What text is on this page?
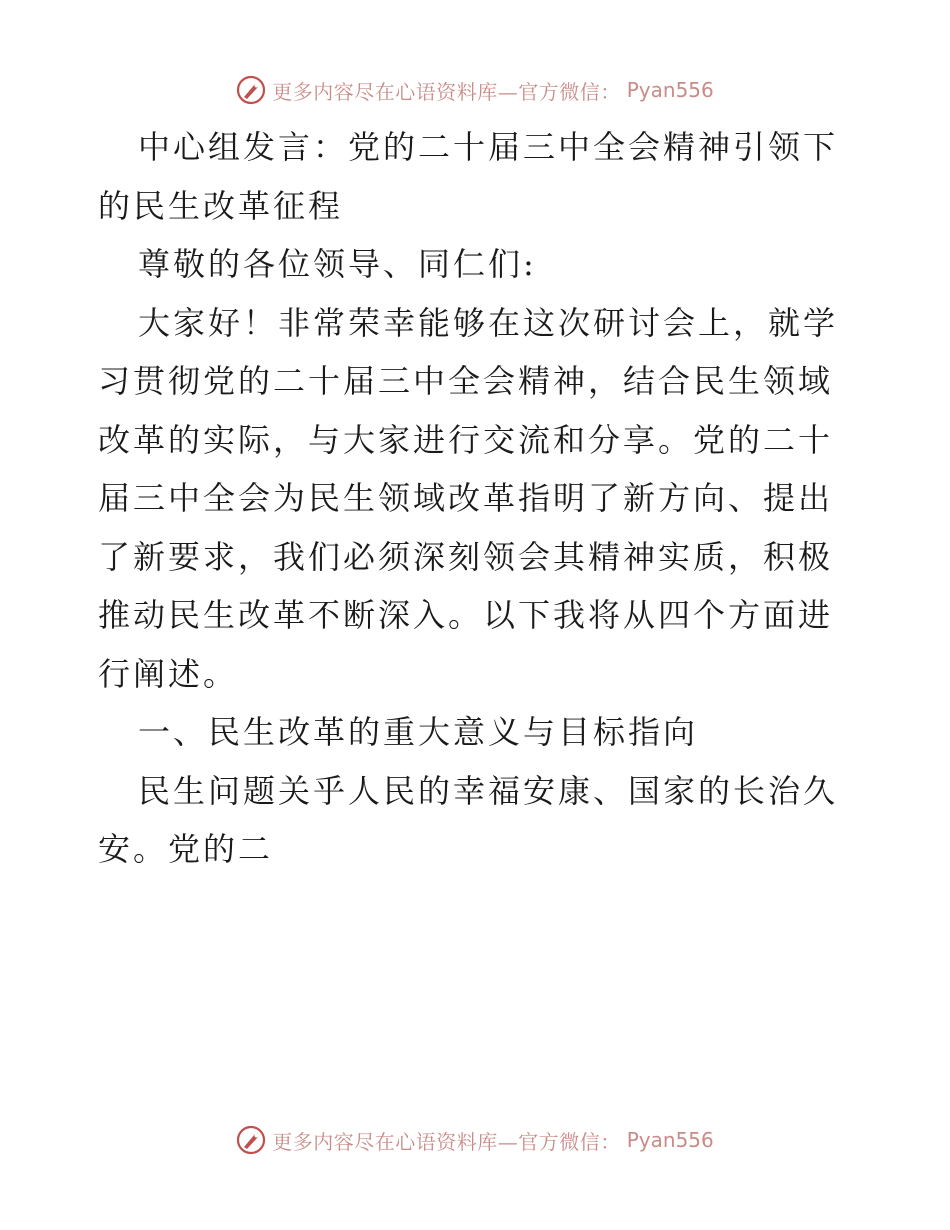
更多内容尽在心语资料库—官方微信： Pyan556

中心组发言：党的二十届三中全会精神引领下的民生改革征程

尊敬的各位领导、同仁们:

大家好！非常荣幸能够在这次研讨会上，就学习贯彻党的二十届三中全会精神，结合民生领域改革的实际，与大家进行交流和分享。党的二十届三中全会为民生领域改革指明了新方向、提出了新要求，我们必须深刻领会其精神实质，积极推动民生改革不断深入。以下我将从四个方面进行阐述。

一、民生改革的重大意义与目标指向

民生问题关乎人民的幸福安康、国家的长治久安。党的二

更多内容尽在心语资料库—官方微信： Pyan556
